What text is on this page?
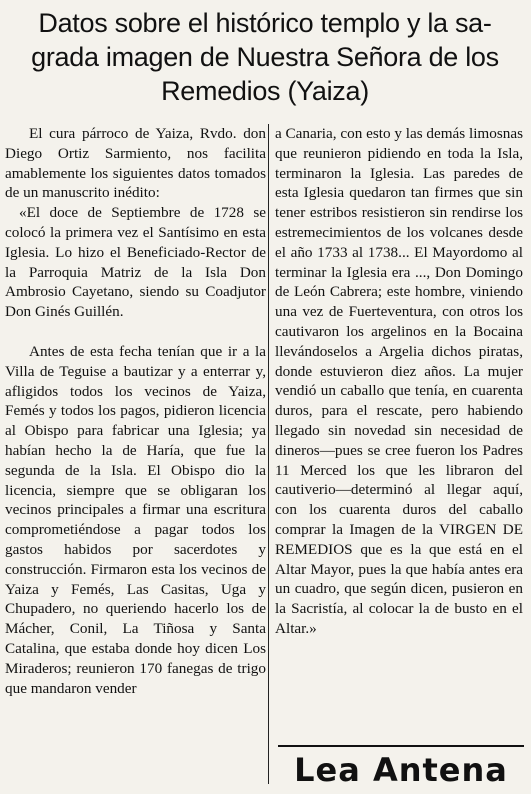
Datos sobre el histórico templo y la sa-
grada imagen de Nuestra Señora de los
Remedios (Yaiza)

El cura párroco de Yaiza, Rvdo. don Diego Ortiz Sarmiento, nos facilita amablemente los siguientes datos tomados de un manuscrito inédito:

«El doce de Septiembre de 1728 se colocó la primera vez el Santísimo en esta Iglesia. Lo hizo el Beneficiado-Rector de la Parroquia Matriz de la Isla Don Ambrosio Cayetano, siendo su Coadjutor Don Ginés Guillén.

Antes de esta fecha tenían que ir a la Villa de Teguise a bautizar y a enterrar y, afligidos todos los vecinos de Yaiza, Femés y todos los pagos, pidieron licencia al Obispo para fabricar una Iglesia; ya habían hecho la de Haría, que fue la segunda de la Isla. El Obispo dio la licencia, siempre que se obligaran los vecinos principales a firmar una escritura comprometiéndose a pagar todos los gastos habidos por sacerdotes y construcción. Firmaron esta los vecinos de Yaiza y Femés, Las Casitas, Uga y Chupadero, no queriendo hacerlo los de Mácher, Conil, La Tiñosa y Santa Catalina, que estaba donde hoy dicen Los Miraderos; reunieron 170 fanegas de trigo que mandaron vender

a Canaria, con esto y las demás limosnas que reunieron pidiendo en toda la Isla, terminaron la Iglesia. Las paredes de esta Iglesia quedaron tan firmes que sin tener estribos resistieron sin rendirse los estremecimientos de los volcanes desde el año 1733 al 1738... El Mayordomo al terminar la Iglesia era ..., Don Domingo de León Cabrera; este hombre, viniendo una vez de Fuerteventura, con otros los cautivaron los argelinos en la Bocaina llevándoselos a Argelia dichos piratas, donde estuvieron diez años. La mujer vendió un caballo que tenía, en cuarenta duros, para el rescate, pero habiendo llegado sin novedad sin necesidad de dineros—pues se cree fueron los Padres 11 Merced los que les libraron del cautiverio—determinó al llegar aquí, con los cuarenta duros del caballo comprar la Imagen de la VIRGEN DE REMEDIOS que es la que está en el Altar Mayor, pues la que había antes era un cuadro, que según dicen, pusieron en la Sacristía, al colocar la de busto en el Altar.»

Lea Antena
